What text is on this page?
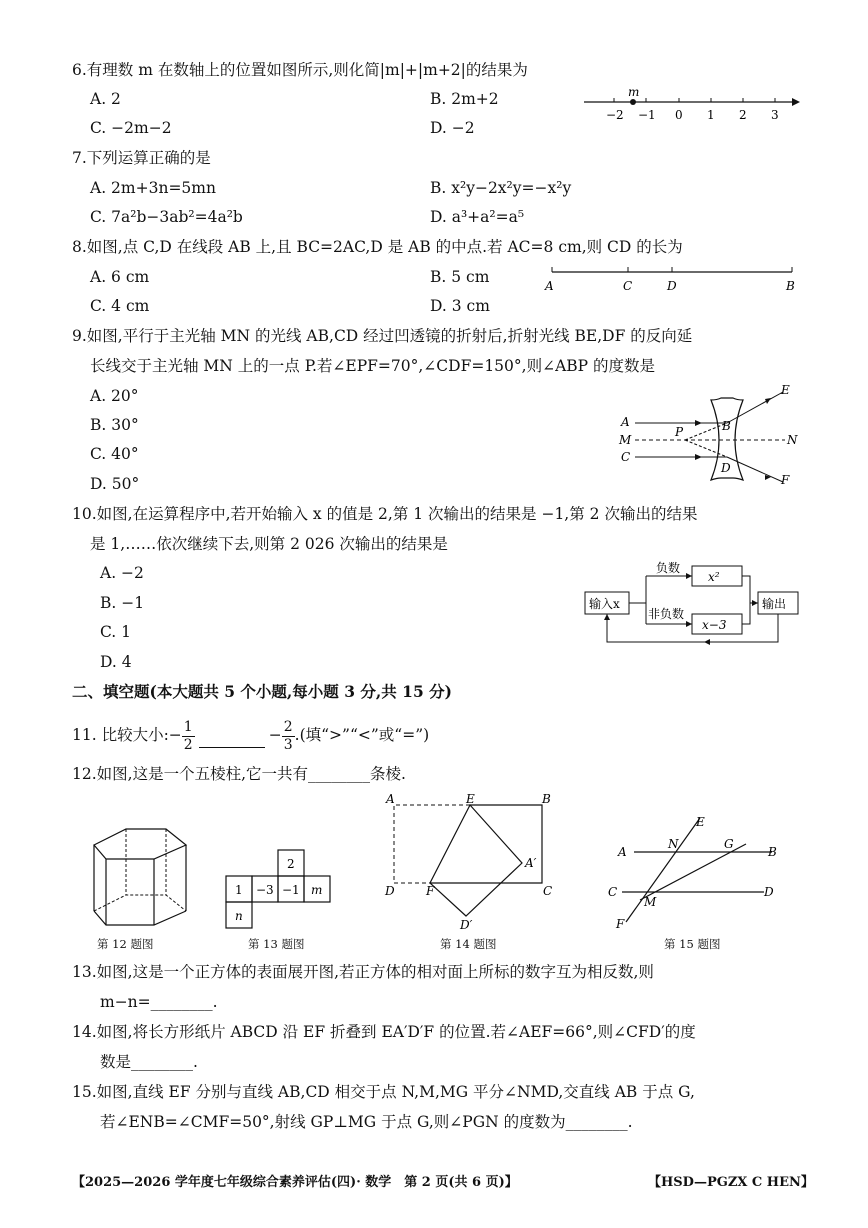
6.有理数 m 在数轴上的位置如图所示,则化简|m|+|m+2|的结果为
A. 2	B. 2m+2
C. −2m−2	D. −2
m
−2 −1 0 1 2 3
7.下列运算正确的是
A. 2m+3n=5mn	B. x²y−2x²y=−x²y
C. 7a²b−3ab²=4a²b	D. a³+a²=a⁵
8.如图,点 C,D 在线段 AB 上,且 BC=2AC,D 是 AB 的中点.若 AC=8 cm,则 CD 的长为
A. 6 cm	B. 5 cm
C. 4 cm	D. 3 cm
A	C	D	B
9.如图,平行于主光轴 MN 的光线 AB,CD 经过凹透镜的折射后,折射光线 BE,DF 的反向延
长线交于主光轴 MN 上的一点 P.若∠EPF=70°,∠CDF=150°,则∠ABP 的度数是
A. 20°
B. 30°
C. 40°
D. 50°
A
M
C
P	B
D
E
N
F
10.如图,在运算程序中,若开始输入 x 的值是 2,第 1 次输出的结果是 −1,第 2 次输出的结果
是 1,……依次继续下去,则第 2 026 次输出的结果是
A. −2
B. −1
C. 1
D. 4
输入x
负数
非负数
x²
x−3
输出
二、填空题(本大题共 5 个小题,每小题 3 分,共 15 分)
11. 比较大小:− $\frac{1}{2}$	− $\frac{2}{3}$ .(填“>”“<”或“=”)
12.如图,这是一个五棱柱,它一共有________条棱.
第 12 题图
2
1 −3 −1 m
n
第 13 题图
A	E	B
A′
D	F	C
D′
第 14 题图
E
A
N	G
B
C
M
D
F
第 15 题图
13.如图,这是一个正方体的表面展开图,若正方体的相对面上所标的数字互为相反数,则
m−n=________.
14.如图,将长方形纸片 ABCD 沿 EF 折叠到 EA′D′F 的位置.若∠AEF=66°,则∠CFD′的度
数是________.
15.如图,直线 EF 分别与直线 AB,CD 相交于点 N,M,MG 平分∠NMD,交直线 AB 于点 G,
若∠ENB=∠CMF=50°,射线 GP⊥MG 于点 G,则∠PGN 的度数为________.
【2025—2026 学年度七年级综合素养评估(四)· 数学　第 2 页(共 6 页)】	【HSD—PGZX C HEN】
